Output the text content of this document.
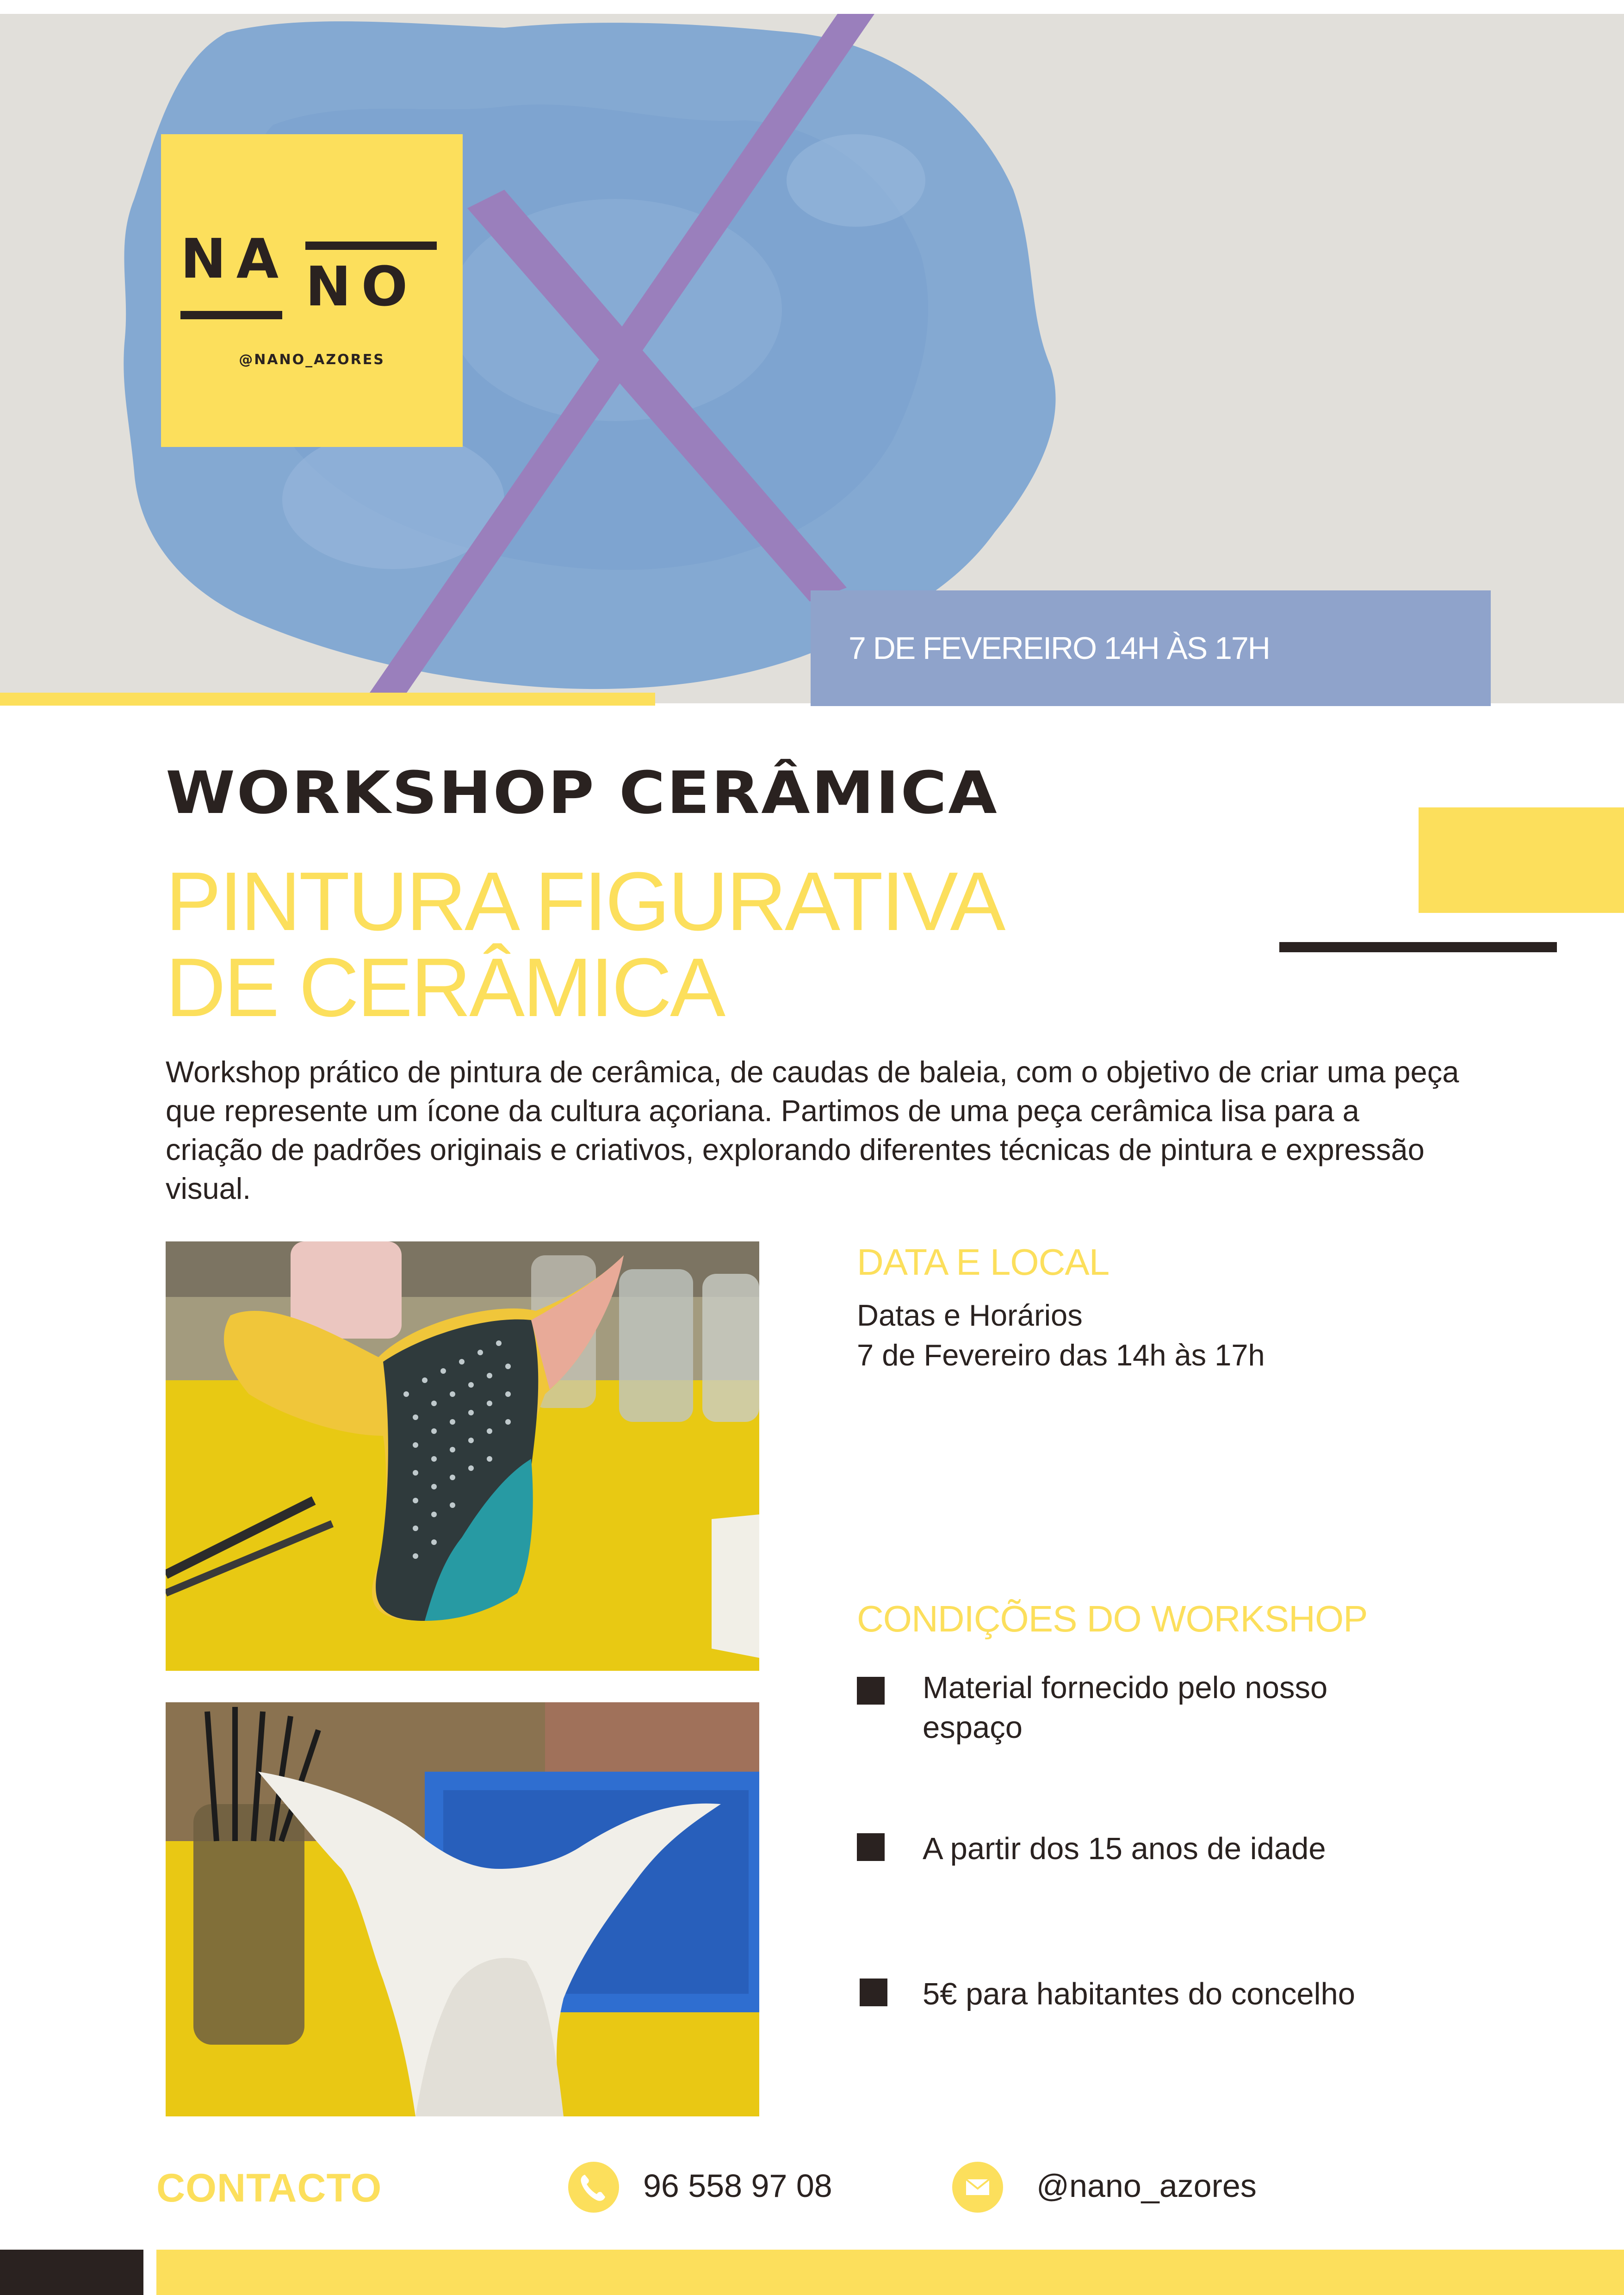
NA NO
@NANO_AZORES
7 DE FEVEREIRO 14H ÀS 17H
WORKSHOP CERÂMICA
PINTURA FIGURATIVA
DE CERÂMICA
Workshop prático de pintura de cerâmica, de caudas de baleia, com o objetivo de criar uma peça que represente um ícone da cultura açoriana. Partimos de uma peça cerâmica lisa para a criação de padrões originais e criativos, explorando diferentes técnicas de pintura e expressão visual.
DATA E LOCAL
Datas e Horários
7 de Fevereiro das 14h às 17h
CONDIÇÕES DO WORKSHOP
Material fornecido pelo nosso espaço
A partir dos 15 anos de idade
5€ para habitantes do concelho
CONTACTO	96 558 97 08	@nano_azores
